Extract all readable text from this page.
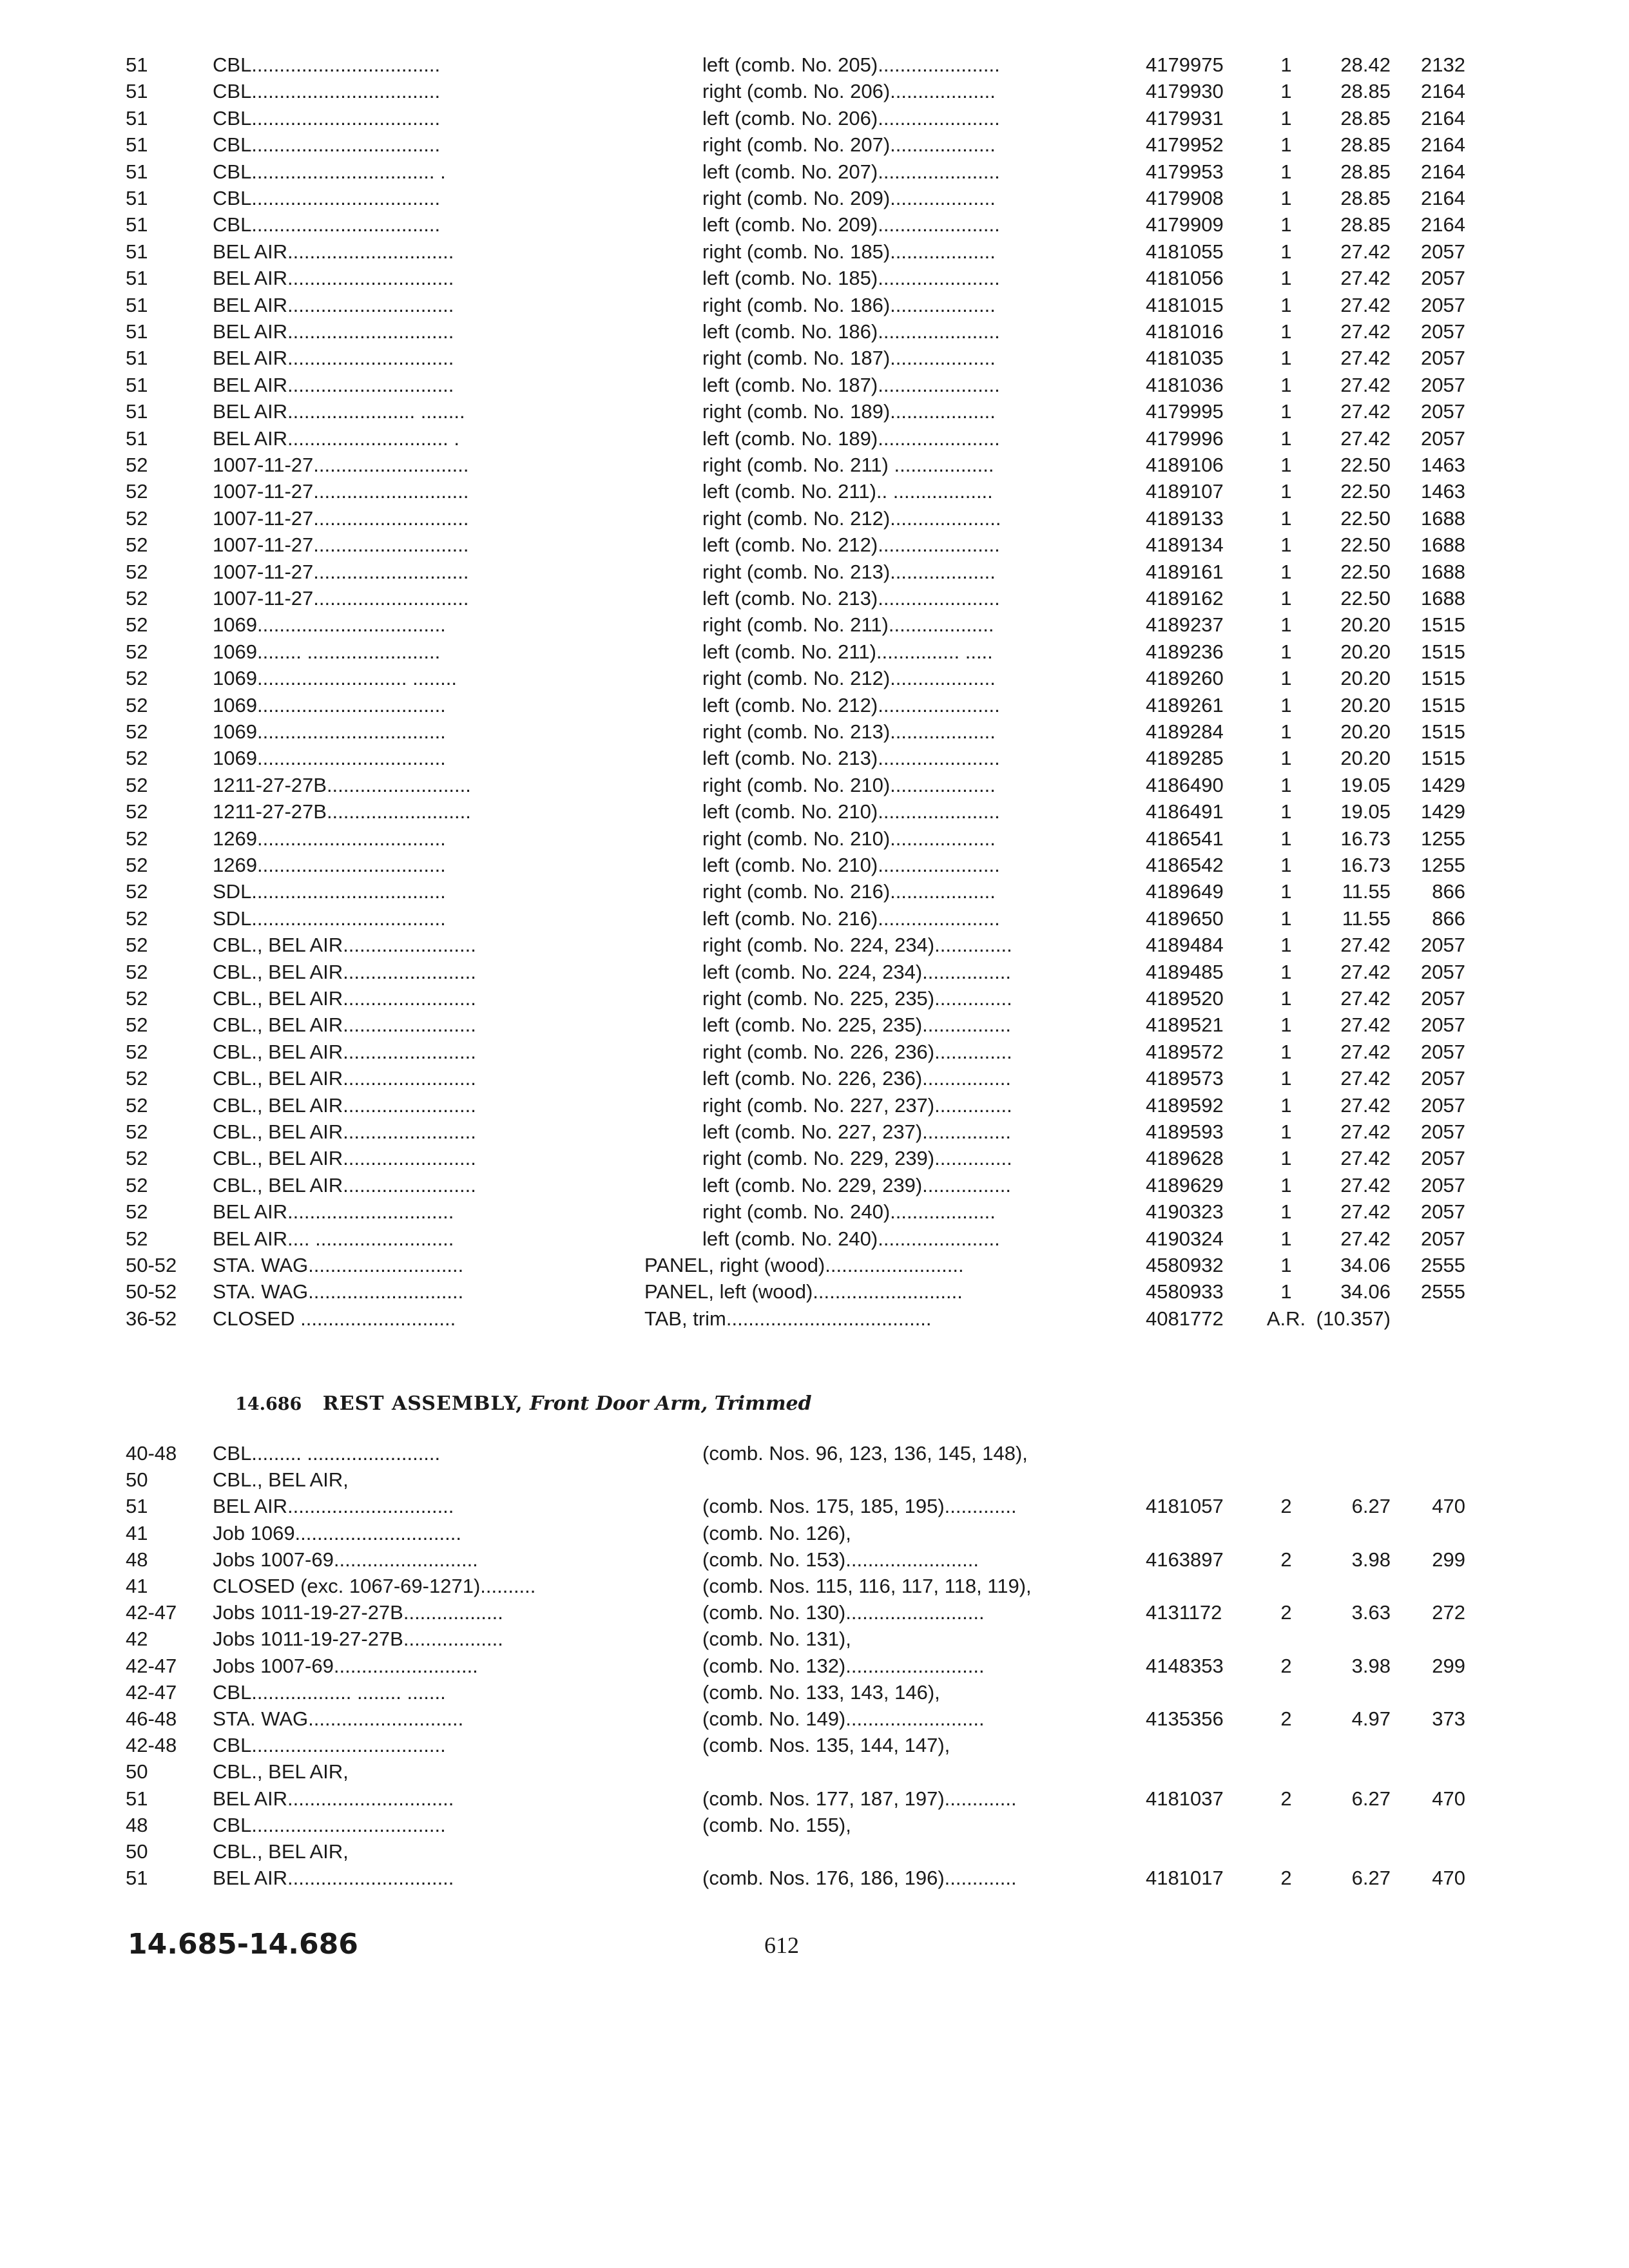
51	CBL..................................	left (comb. No. 205)......................	4179975	1	28.42	2132
51	CBL..................................	right (comb. No. 206)...................	4179930	1	28.85	2164
51	CBL..................................	left (comb. No. 206)......................	4179931	1	28.85	2164
51	CBL..................................	right (comb. No. 207)...................	4179952	1	28.85	2164
51	CBL................................. .	left (comb. No. 207)......................	4179953	1	28.85	2164
51	CBL..................................	right (comb. No. 209)...................	4179908	1	28.85	2164
51	CBL..................................	left (comb. No. 209)......................	4179909	1	28.85	2164
51	BEL AIR..............................	right (comb. No. 185)...................	4181055	1	27.42	2057
51	BEL AIR..............................	left (comb. No. 185)......................	4181056	1	27.42	2057
51	BEL AIR..............................	right (comb. No. 186)...................	4181015	1	27.42	2057
51	BEL AIR..............................	left (comb. No. 186)......................	4181016	1	27.42	2057
51	BEL AIR..............................	right (comb. No. 187)...................	4181035	1	27.42	2057
51	BEL AIR..............................	left (comb. No. 187)......................	4181036	1	27.42	2057
51	BEL AIR....................... ........	right (comb. No. 189)...................	4179995	1	27.42	2057
51	BEL AIR............................. .	left (comb. No. 189)......................	4179996	1	27.42	2057
52	1007-11-27............................	right (comb. No. 211) ..................	4189106	1	22.50	1463
52	1007-11-27............................	left (comb. No. 211).. ..................	4189107	1	22.50	1463
52	1007-11-27............................	right (comb. No. 212)....................	4189133	1	22.50	1688
52	1007-11-27............................	left (comb. No. 212)......................	4189134	1	22.50	1688
52	1007-11-27............................	right (comb. No. 213)...................	4189161	1	22.50	1688
52	1007-11-27............................	left (comb. No. 213)......................	4189162	1	22.50	1688
52	1069..................................	right (comb. No. 211)...................	4189237	1	20.20	1515
52	1069........ ........................	left (comb. No. 211)............... .....	4189236	1	20.20	1515
52	1069........................... ........	right (comb. No. 212)...................	4189260	1	20.20	1515
52	1069..................................	left (comb. No. 212)......................	4189261	1	20.20	1515
52	1069..................................	right (comb. No. 213)...................	4189284	1	20.20	1515
52	1069..................................	left (comb. No. 213)......................	4189285	1	20.20	1515
52	1211-27-27B..........................	right (comb. No. 210)...................	4186490	1	19.05	1429
52	1211-27-27B..........................	left (comb. No. 210)......................	4186491	1	19.05	1429
52	1269..................................	right (comb. No. 210)...................	4186541	1	16.73	1255
52	1269..................................	left (comb. No. 210)......................	4186542	1	16.73	1255
52	SDL...................................	right (comb. No. 216)...................	4189649	1	11.55	866
52	SDL...................................	left (comb. No. 216)......................	4189650	1	11.55	866
52	CBL., BEL AIR........................	right (comb. No. 224, 234)..............	4189484	1	27.42	2057
52	CBL., BEL AIR........................	left (comb. No. 224, 234)................	4189485	1	27.42	2057
52	CBL., BEL AIR........................	right (comb. No. 225, 235)..............	4189520	1	27.42	2057
52	CBL., BEL AIR........................	left (comb. No. 225, 235)................	4189521	1	27.42	2057
52	CBL., BEL AIR........................	right (comb. No. 226, 236)..............	4189572	1	27.42	2057
52	CBL., BEL AIR........................	left (comb. No. 226, 236)................	4189573	1	27.42	2057
52	CBL., BEL AIR........................	right (comb. No. 227, 237)..............	4189592	1	27.42	2057
52	CBL., BEL AIR........................	left (comb. No. 227, 237)................	4189593	1	27.42	2057
52	CBL., BEL AIR........................	right (comb. No. 229, 239)..............	4189628	1	27.42	2057
52	CBL., BEL AIR........................	left (comb. No. 229, 239)................	4189629	1	27.42	2057
52	BEL AIR..............................	right (comb. No. 240)...................	4190323	1	27.42	2057
52	BEL AIR.... .........................	left (comb. No. 240)......................	4190324	1	27.42	2057
50-52	STA. WAG............................	PANEL, right (wood).........................	4580932	1	34.06	2555
50-52	STA. WAG............................	PANEL, left (wood)...........................	4580933	1	34.06	2555
36-52	CLOSED ............................	TAB, trim.....................................	4081772	A.R. (10.357)
14.686 REST ASSEMBLY, Front Door Arm, Trimmed
40-48	CBL......... ........................	(comb. Nos. 96, 123, 136, 145, 148),
50	CBL., BEL AIR,
51	BEL AIR..............................	(comb. Nos. 175, 185, 195).............	4181057	2	6.27	470
41	Job 1069..............................	(comb. No. 126),
48	Jobs 1007-69..........................	(comb. No. 153)........................	4163897	2	3.98	299
41	CLOSED (exc. 1067-69-1271)..........	(comb. Nos. 115, 116, 117, 118, 119),
42-47	Jobs 1011-19-27-27B..................	(comb. No. 130).........................	4131172	2	3.63	272
42	Jobs 1011-19-27-27B..................	(comb. No. 131),
42-47	Jobs 1007-69..........................	(comb. No. 132).........................	4148353	2	3.98	299
42-47	CBL.................. ........ .......	(comb. No. 133, 143, 146),
46-48	STA. WAG............................	(comb. No. 149).........................	4135356	2	4.97	373
42-48	CBL...................................	(comb. Nos. 135, 144, 147),
50	CBL., BEL AIR,
51	BEL AIR..............................	(comb. Nos. 177, 187, 197).............	4181037	2	6.27	470
48	CBL...................................	(comb. No. 155),
50	CBL., BEL AIR,
51	BEL AIR..............................	(comb. Nos. 176, 186, 196).............	4181017	2	6.27	470
14.685-14.686	612
